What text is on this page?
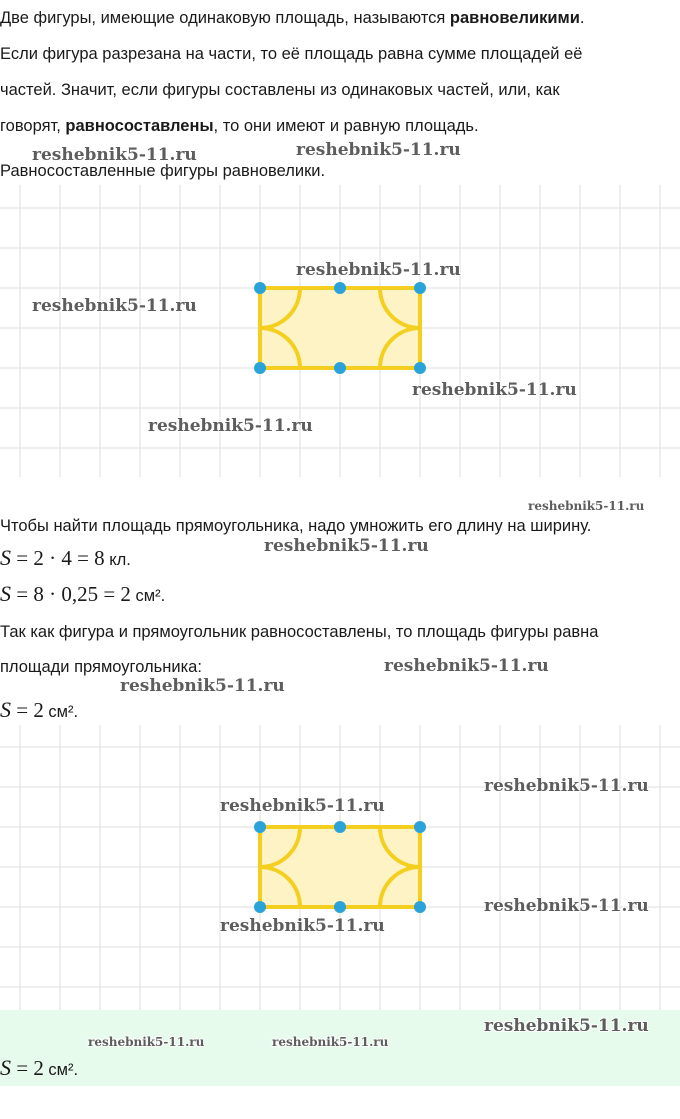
Две фигуры, имеющие одинаковую площадь, называются равновеликими.
Если фигура разрезана на части, то её площадь равна сумме площадей её
частей. Значит, если фигуры составлены из одинаковых частей, или, как
говорят, равносоставлены, то они имеют и равную площадь.
Равносоставленные фигуры равновелики.
Чтобы найти площадь прямоугольника, надо умножить его длину на ширину.
S = 2 · 4 = 8 кл.
S = 8 · 0,25 = 2 см².
Так как фигура и прямоугольник равносоставлены, то площадь фигуры равна
площади прямоугольника:
S = 2 см².
S = 2 см².
reshebnik5-11.ru	reshebnik5-11.ru
reshebnik5-11.ru
reshebnik5-11.ru
reshebnik5-11.ru
reshebnik5-11.ru
reshebnik5-11.ru
reshebnik5-11.ru
reshebnik5-11.ru
reshebnik5-11.ru
reshebnik5-11.ru
reshebnik5-11.ru
reshebnik5-11.ru
reshebnik5-11.ru
reshebnik5-11.ru
reshebnik5-11.ru	reshebnik5-11.ru
